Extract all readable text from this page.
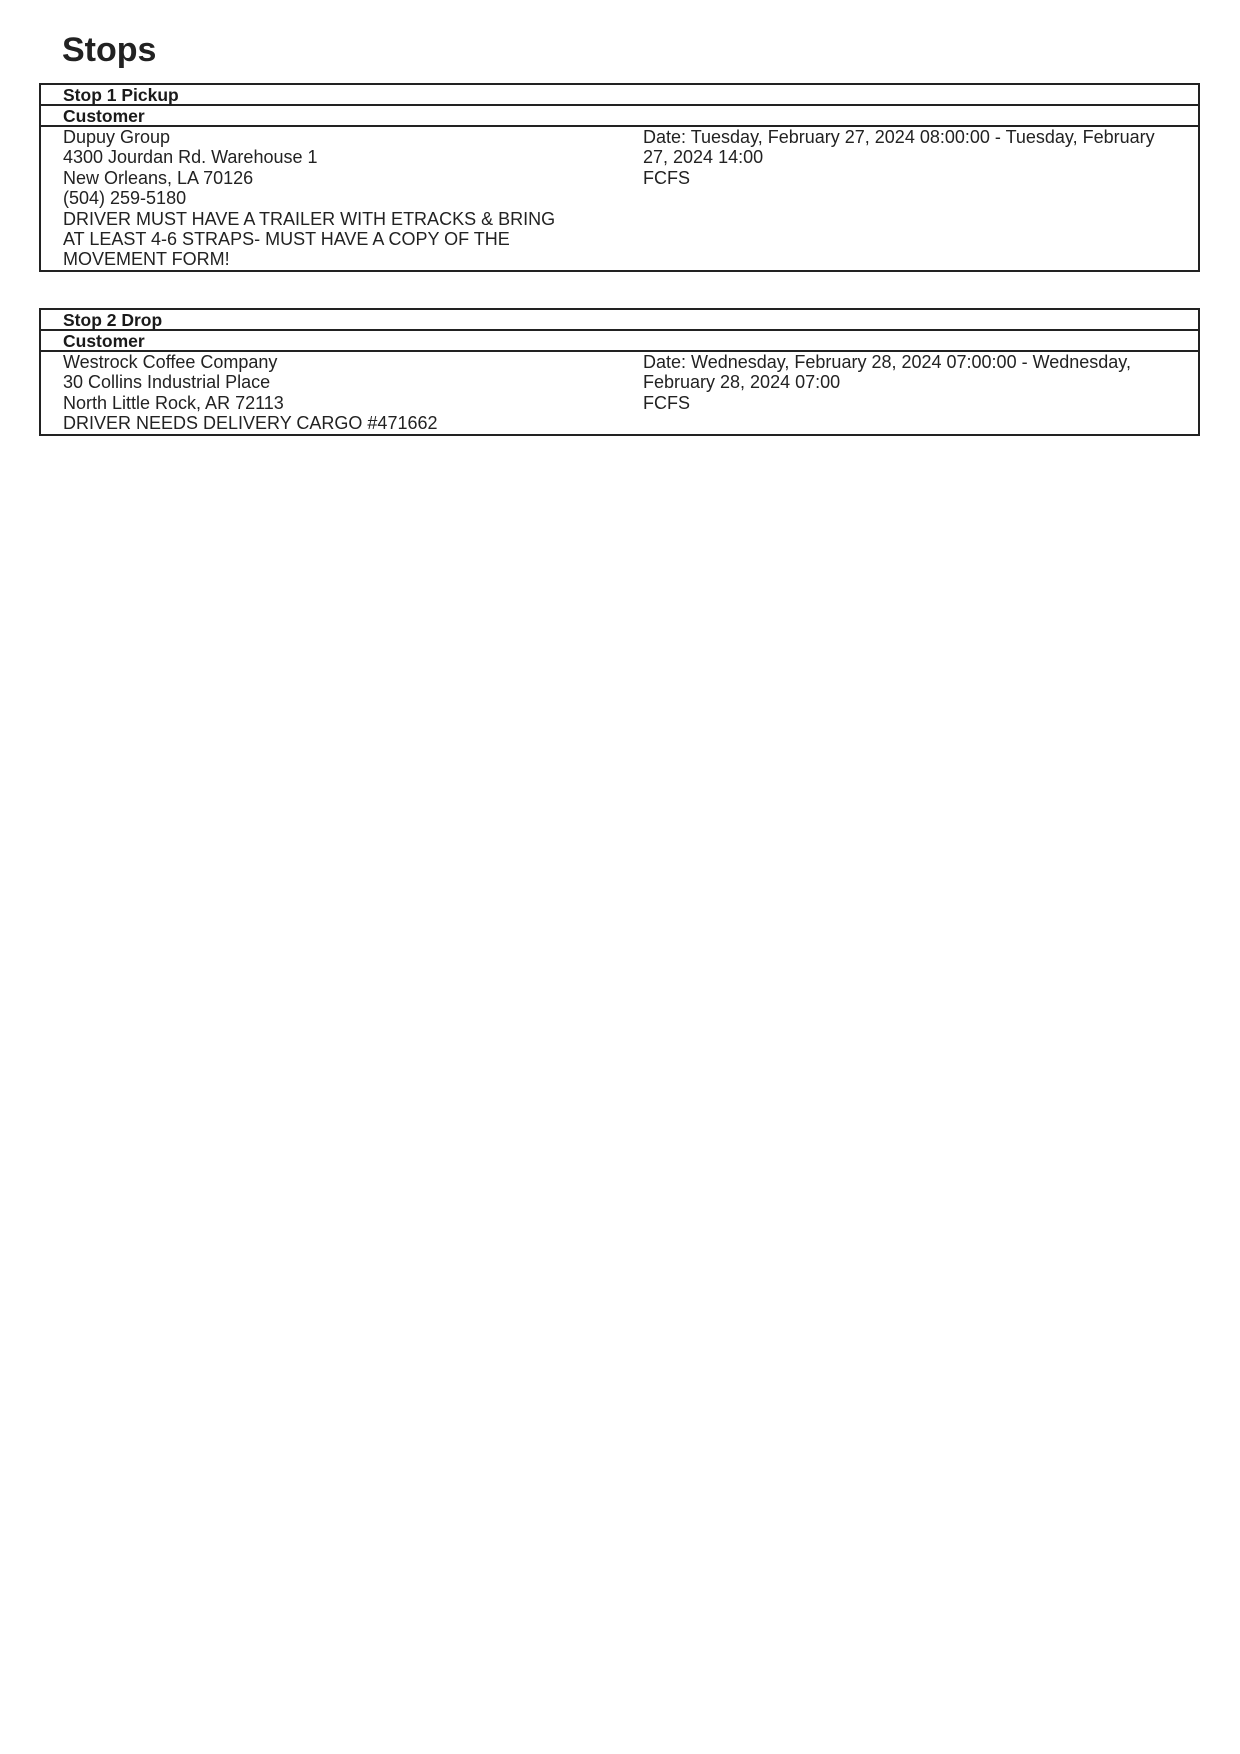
Stops
Stop 1 Pickup
Customer
Dupuy Group
4300 Jourdan Rd. Warehouse 1
New Orleans, LA 70126
(504) 259-5180
DRIVER MUST HAVE A TRAILER WITH ETRACKS & BRING
AT LEAST 4-6 STRAPS- MUST HAVE A COPY OF THE
MOVEMENT FORM!
Date: Tuesday, February 27, 2024 08:00:00 - Tuesday, February
27, 2024 14:00
FCFS
Stop 2 Drop
Customer
Westrock Coffee Company
30 Collins Industrial Place
North Little Rock, AR 72113
DRIVER NEEDS DELIVERY CARGO #471662
Date: Wednesday, February 28, 2024 07:00:00 - Wednesday,
February 28, 2024 07:00
FCFS
